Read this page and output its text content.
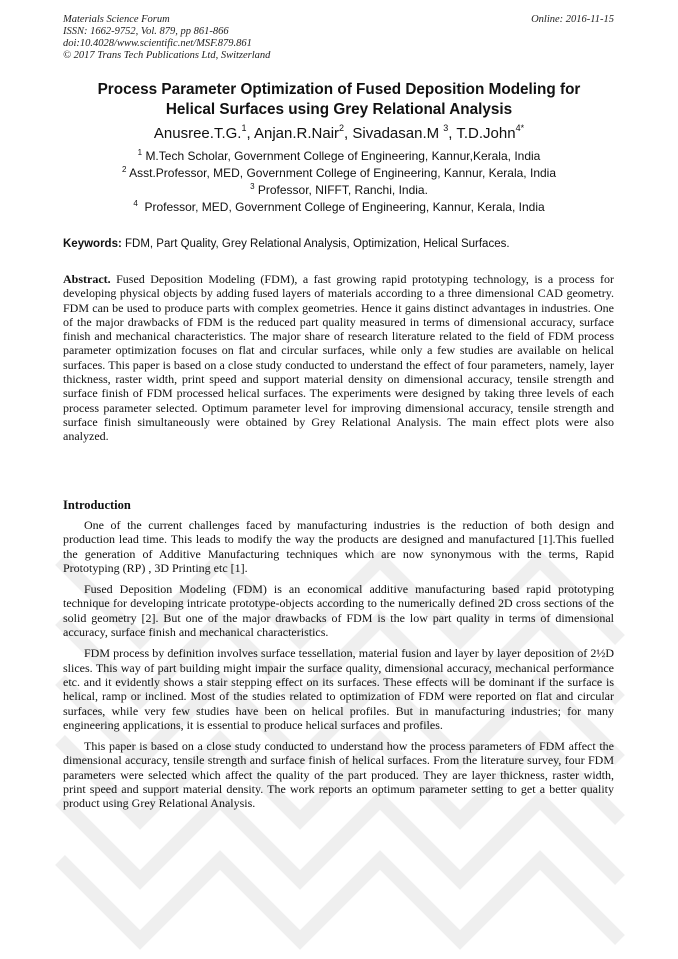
Materials Science Forum
ISSN: 1662-9752, Vol. 879, pp 861-866
doi:10.4028/www.scientific.net/MSF.879.861
© 2017 Trans Tech Publications Ltd, Switzerland
Online: 2016-11-15
Process Parameter Optimization of Fused Deposition Modeling for
Helical Surfaces using Grey Relational Analysis
Anusree.T.G.$^1$, Anjan.R.Nair$^2$, Sivadasan.M $^3$, T.D.John$^{4*}$
$^1$ M.Tech Scholar, Government College of Engineering, Kannur,Kerala, India
$^2$ Asst.Professor, MED, Government College of Engineering, Kannur, Kerala, India
$^3$ Professor, NIFFT, Ranchi, India.
$^4$ Professor, MED, Government College of Engineering, Kannur, Kerala, India
Keywords: FDM, Part Quality, Grey Relational Analysis, Optimization, Helical Surfaces.
Abstract. Fused Deposition Modeling (FDM), a fast growing rapid prototyping technology, is a process for developing physical objects by adding fused layers of materials according to a three dimensional CAD geometry. FDM can be used to produce parts with complex geometries. Hence it gains distinct advantages in industries. One of the major drawbacks of FDM is the reduced part quality measured in terms of dimensional accuracy, surface finish and mechanical characteristics. The major share of research literature related to the field of FDM process parameter optimization focuses on flat and circular surfaces, while only a few studies are available on helical surfaces. This paper is based on a close study conducted to understand the effect of four parameters, namely, layer thickness, raster width, print speed and support material density on dimensional accuracy, tensile strength and surface finish of FDM processed helical surfaces. The experiments were designed by taking three levels of each process parameter selected. Optimum parameter level for improving dimensional accuracy, tensile strength and surface finish simultaneously were obtained by Grey Relational Analysis. The main effect plots were also analyzed.
Introduction

One of the current challenges faced by manufacturing industries is the reduction of both design and production lead time. This leads to modify the way the products are designed and manufactured [1].This fuelled the generation of Additive Manufacturing techniques which are now synonymous with the terms, Rapid Prototyping (RP) , 3D Printing etc [1].

Fused Deposition Modeling (FDM) is an economical additive manufacturing based rapid prototyping technique for developing intricate prototype-objects according to the numerically defined 2D cross sections of the solid geometry [2]. But one of the major drawbacks of FDM is the low part quality in terms of dimensional accuracy, surface finish and mechanical characteristics.

FDM process by definition involves surface tessellation, material fusion and layer by layer deposition of 2½D slices. This way of part building might impair the surface quality, dimensional accuracy, mechanical performance etc. and it evidently shows a stair stepping effect on its surfaces. These effects will be dominant if the surface is helical, ramp or inclined. Most of the studies related to optimization of FDM were reported on flat and circular surfaces, while very few studies have been on helical profiles. But in manufacturing industries; for many engineering applications, it is essential to produce helical surfaces and profiles.

This paper is based on a close study conducted to understand how the process parameters of FDM affect the dimensional accuracy, tensile strength and surface finish of helical surfaces. From the literature survey, four FDM parameters were selected which affect the quality of the part produced. They are layer thickness, raster width, print speed and support material density. The work reports an optimum parameter setting to get a better quality product using Grey Relational Analysis.
